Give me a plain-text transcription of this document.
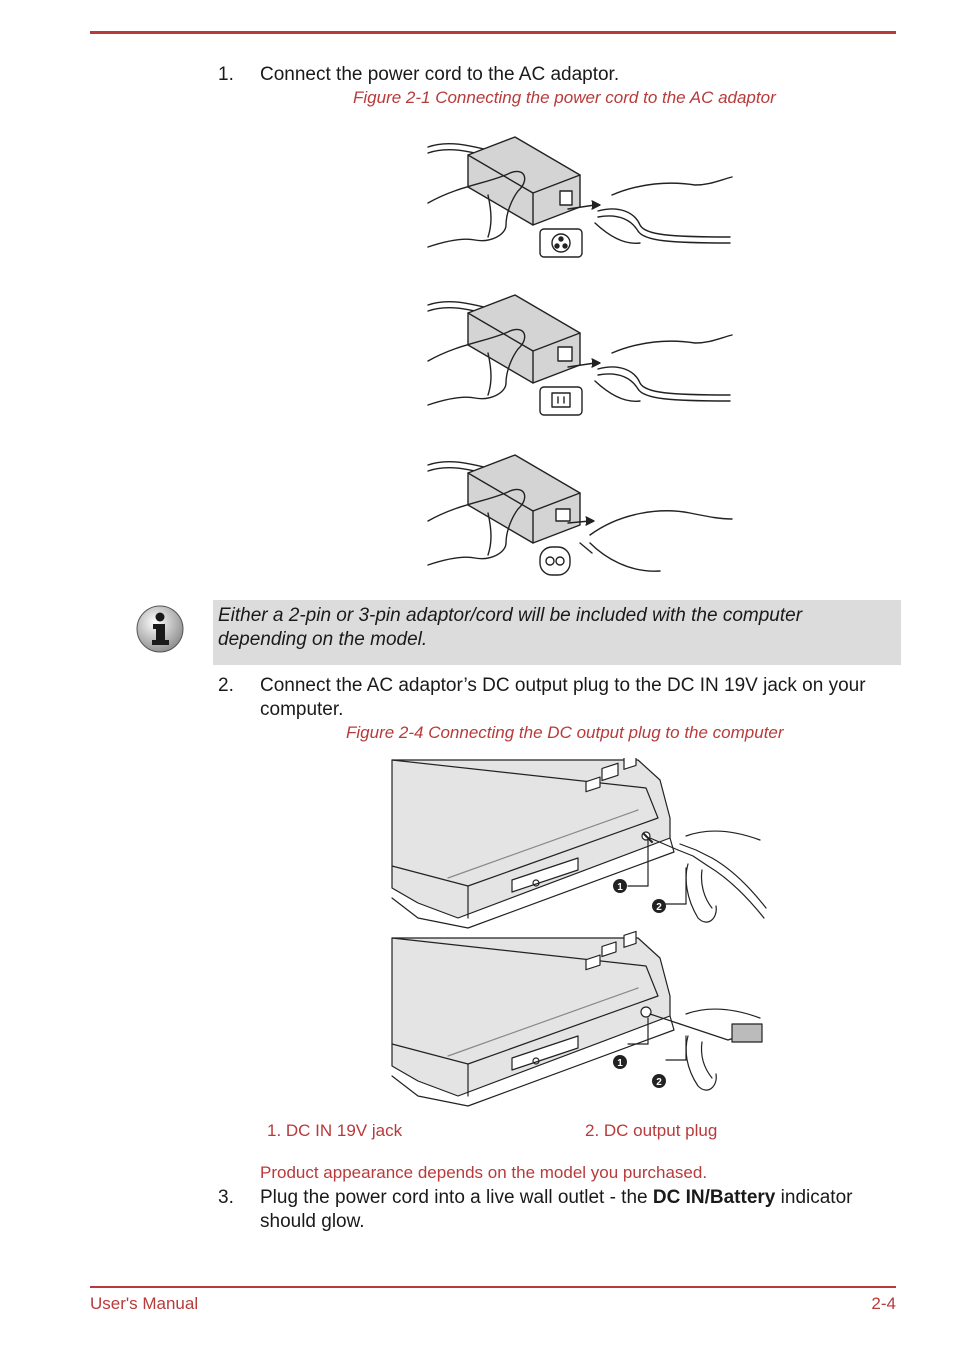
1. Connect the power cord to the AC adaptor.
Figure 2-1 Connecting the power cord to the AC adaptor
Either a 2-pin or 3-pin adaptor/cord will be included with the computer depending on the model.
2. Connect the AC adaptor’s DC output plug to the DC IN 19V jack on your computer.
Figure 2-4 Connecting the DC output plug to the computer
1
2
1
2
1. DC IN 19V jack	2. DC output plug
Product appearance depends on the model you purchased.
3. Plug the power cord into a live wall outlet - the DC IN/Battery indicator should glow.
User's Manual	2-4
